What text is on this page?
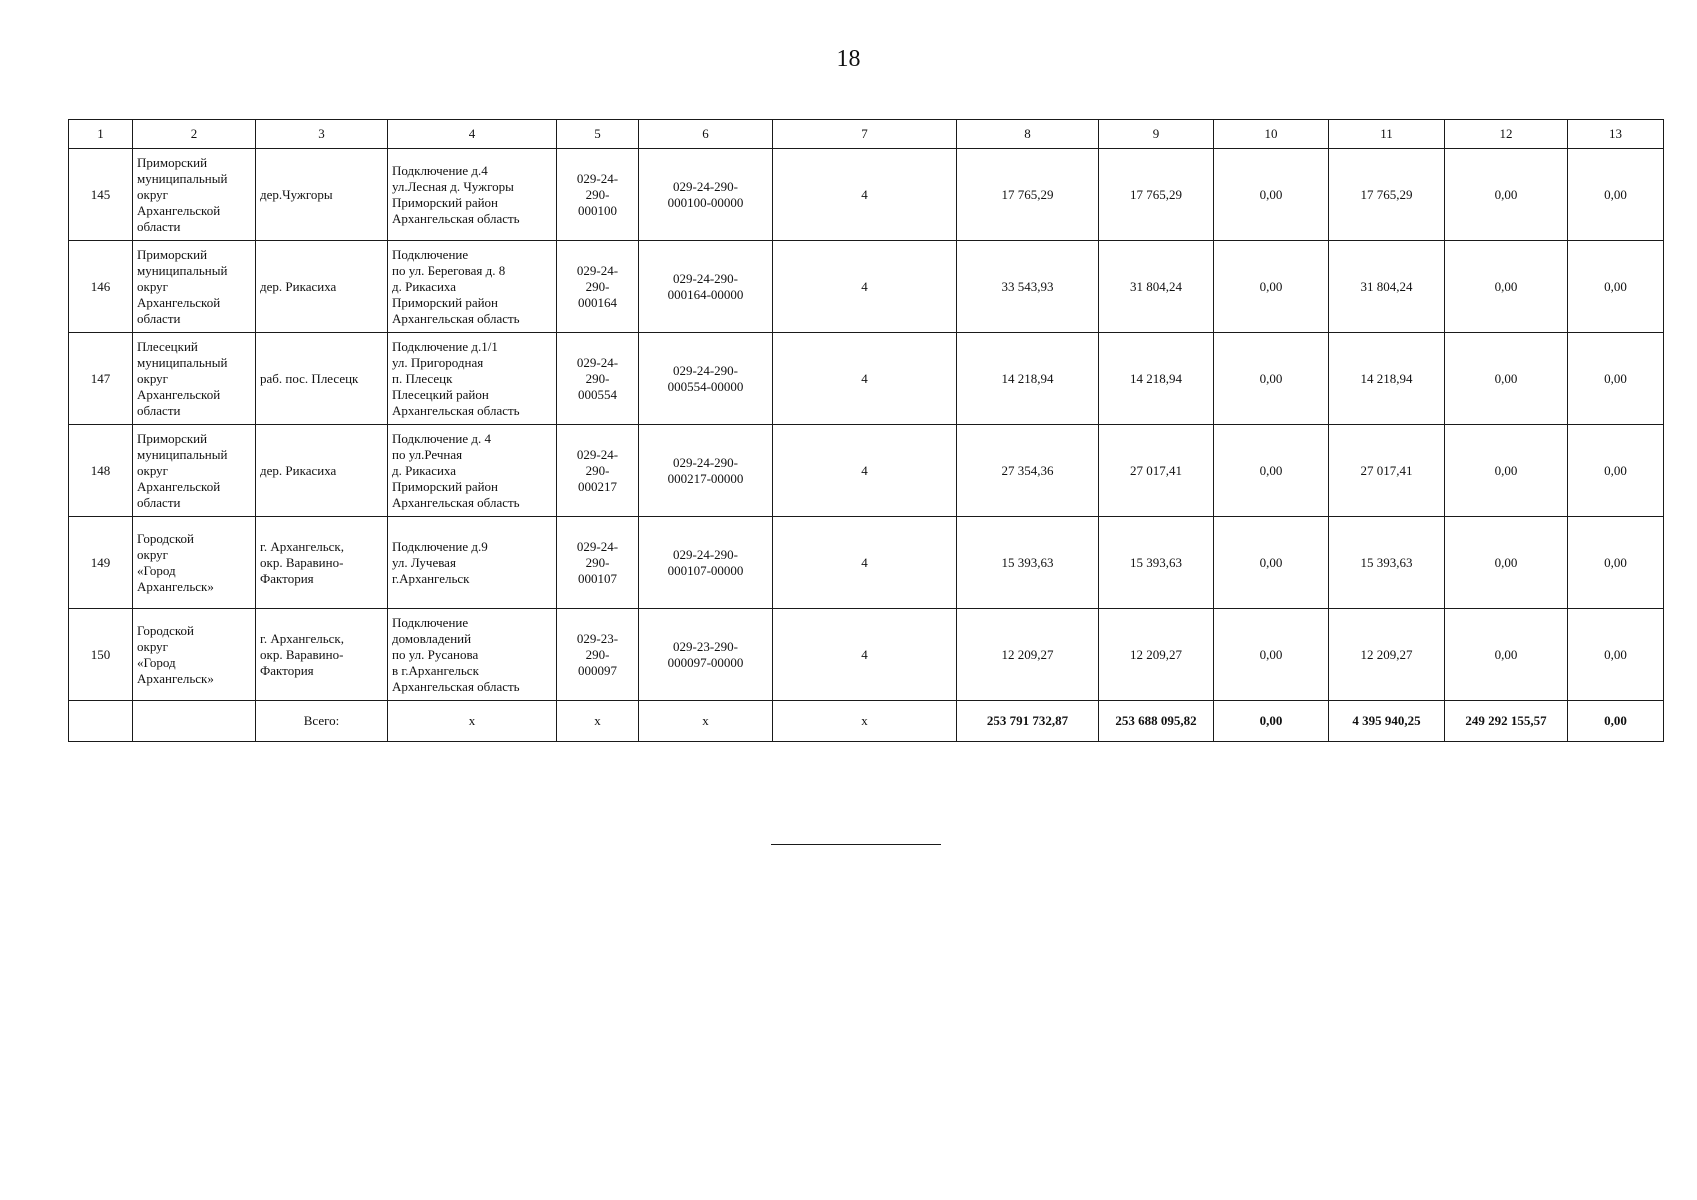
18
1	2	3	4	5	6	7	8	9	10	11	12	13
145	Приморский
муниципальный
округ
Архангельской
области	дер.Чужгоры	Подключение д.4
ул.Лесная д. Чужгоры
Приморский район
Архангельская область	029-24-
290-
000100	029-24-290-
000100-00000	4	17 765,29	17 765,29	0,00	17 765,29	0,00	0,00
146	Приморский
муниципальный
округ
Архангельской
области	дер. Рикасиха	Подключение
по ул. Береговая д. 8
д. Рикасиха
Приморский район
Архангельская область	029-24-
290-
000164	029-24-290-
000164-00000	4	33 543,93	31 804,24	0,00	31 804,24	0,00	0,00
147	Плесецкий
муниципальный
округ
Архангельской
области	раб. пос. Плесецк	Подключение д.1/1
ул. Пригородная
п. Плесецк
Плесецкий район
Архангельская область	029-24-
290-
000554	029-24-290-
000554-00000	4	14 218,94	14 218,94	0,00	14 218,94	0,00	0,00
148	Приморский
муниципальный
округ
Архангельской
области	дер. Рикасиха	Подключение д. 4
по ул.Речная
д. Рикасиха
Приморский район
Архангельская область	029-24-
290-
000217	029-24-290-
000217-00000	4	27 354,36	27 017,41	0,00	27 017,41	0,00	0,00
149	Городской
округ
«Город
Архангельск»	г. Архангельск,
окр. Варавино-
Фактория	Подключение д.9
ул. Лучевая
г.Архангельск	029-24-
290-
000107	029-24-290-
000107-00000	4	15 393,63	15 393,63	0,00	15 393,63	0,00	0,00
150	Городской
округ
«Город
Архангельск»	г. Архангельск,
окр. Варавино-
Фактория	Подключение
домовладений
по ул. Русанова
в г.Архангельск
Архангельская область	029-23-
290-
000097	029-23-290-
000097-00000	4	12 209,27	12 209,27	0,00	12 209,27	0,00	0,00
		Всего:	x	x	x	x	253 791 732,87	253 688 095,82	0,00	4 395 940,25	249 292 155,57	0,00
